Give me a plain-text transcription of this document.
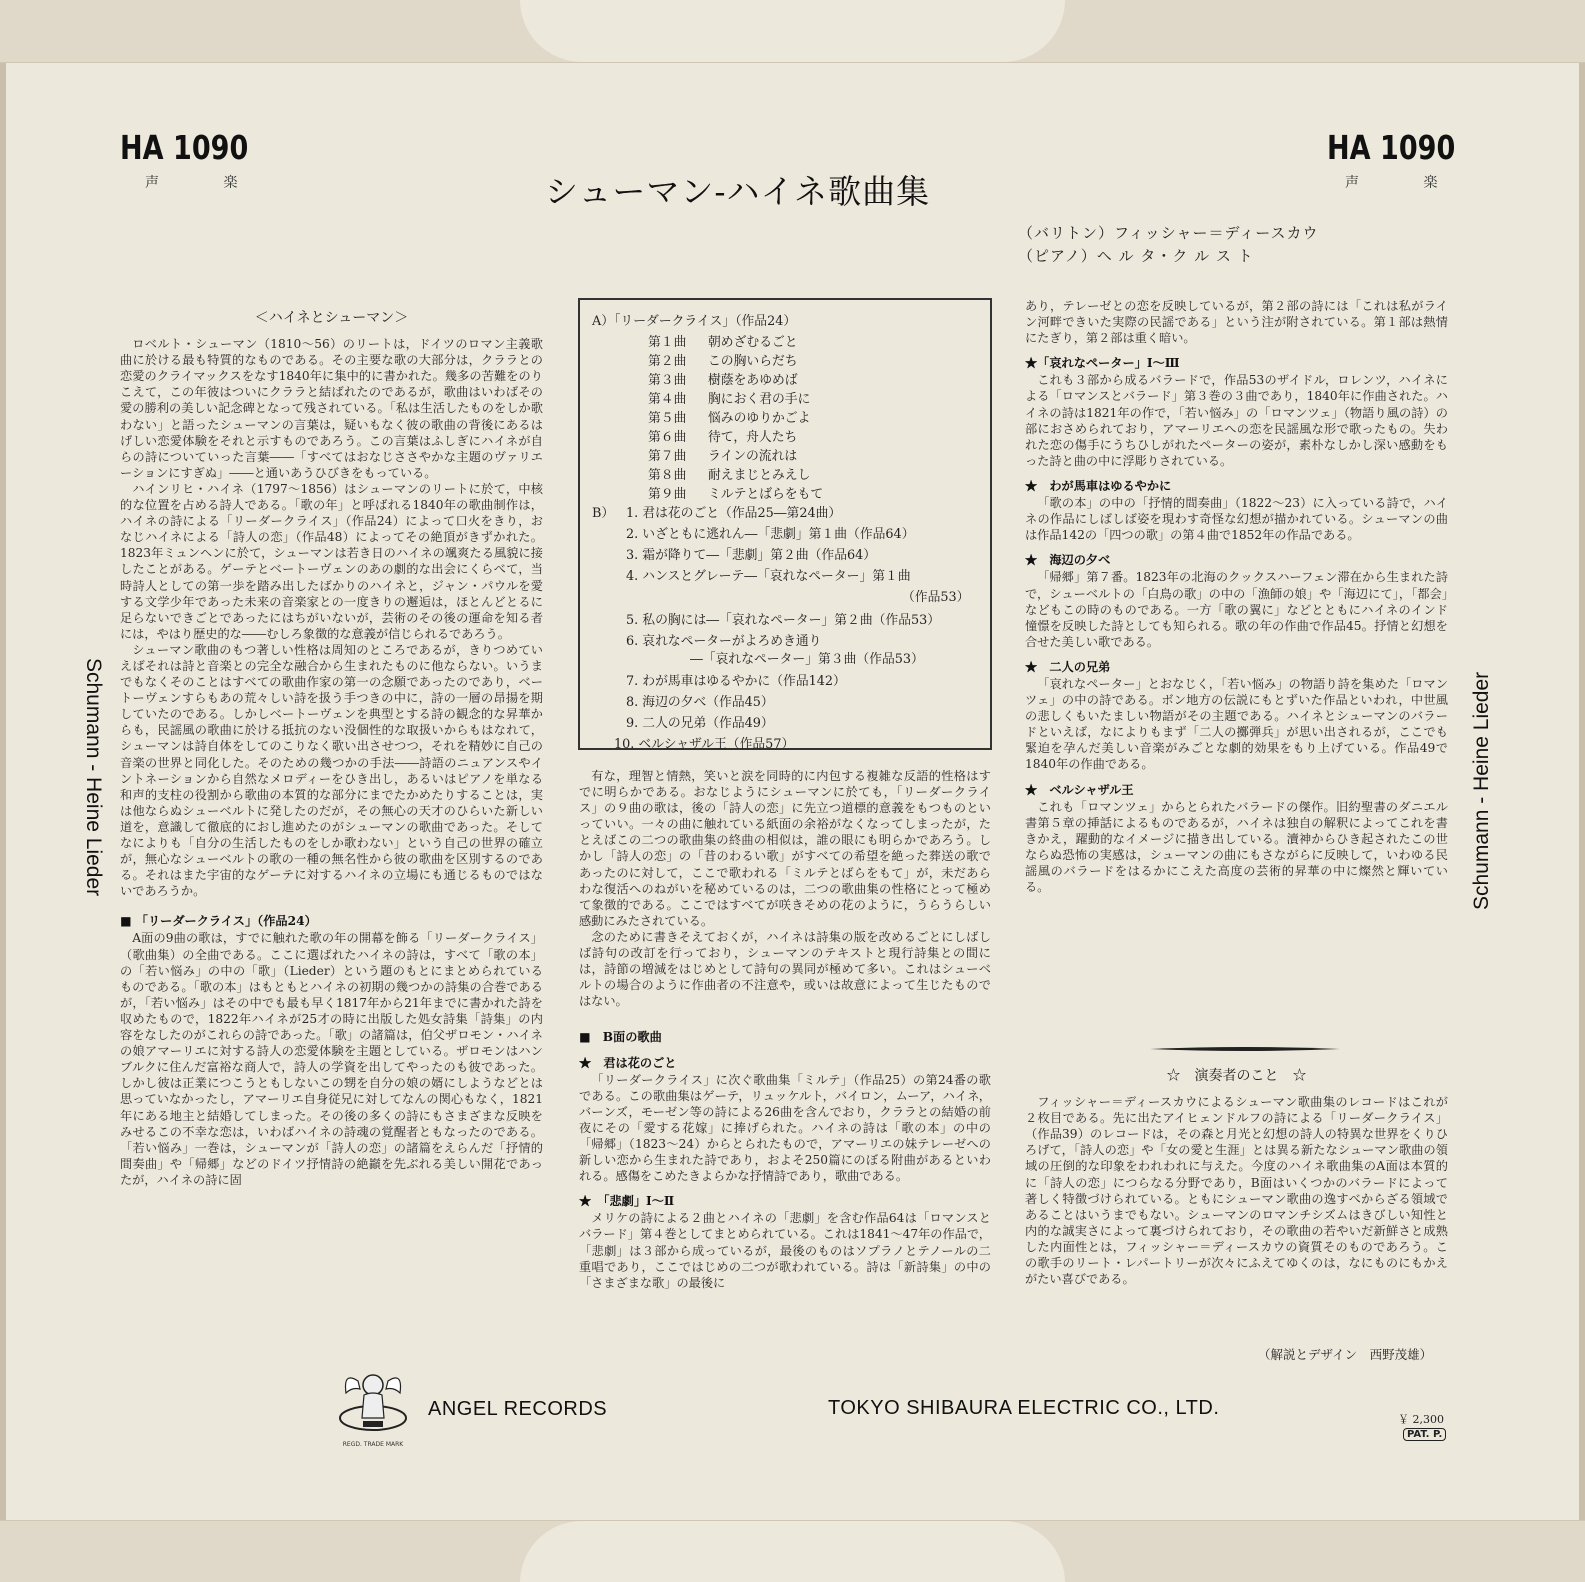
HA 1090
声 楽
HA 1090
声 楽
シューマン-ハイネ歌曲集
（バリトン）フィッシャー＝ディースカウ
（ピアノ）ヘ ル タ・ク ル ス ト
Schumann - Heine Lieder	Schumann - Heine Lieder
＜ハイネとシューマン＞

ロベルト・シューマン（1810〜56）のリートは，ドイツのロマン主義歌曲に於ける最も特質的なものである。その主要な歌の大部分は，クララとの恋愛のクライマックスをなす1840年に集中的に書かれた。幾多の苦難をのりこえて，この年彼はついにクララと結ばれたのであるが，歌曲はいわばその愛の勝利の美しい記念碑となって残されている。「私は生活したものをしか歌わない」と語ったシューマンの言葉は，疑いもなく彼の歌曲の背後にあるはげしい恋愛体験をそれと示すものであろう。この言葉はふしぎにハイネが自らの詩についていった言葉――「すべてはおなじささやかな主題のヴァリエーションにすぎぬ」――と通いあうひびきをもっている。

ハインリヒ・ハイネ（1797〜1856）はシューマンのリートに於て，中核的な位置を占める詩人である。「歌の年」と呼ばれる1840年の歌曲制作は，ハイネの詩による「リーダークライス」（作品24）によって口火をきり，おなじハイネによる「詩人の恋」（作品48）によってその絶頂がきずかれた。1823年ミュンヘンに於て，シューマンは若き日のハイネの颯爽たる風貌に接したことがある。ゲーテとベートーヴェンのあの劇的な出会にくらべて，当時詩人としての第一歩を踏み出したばかりのハイネと，ジャン・パウルを愛する文学少年であった未来の音楽家との一度きりの邂逅は，ほとんどとるに足らないできごとであったにはちがいないが，芸術のその後の運命を知る者には，やはり歴史的な――むしろ象徴的な意義が信じられるであろう。

シューマン歌曲のもつ著しい性格は周知のところであるが，きりつめていえばそれは詩と音楽との完全な融合から生まれたものに他ならない。いうまでもなくそのことはすべての歌曲作家の第一の念願であったのであり，ベートーヴェンすらもあの荒々しい詩を扱う手つきの中に，詩の一層の昂揚を期していたのである。しかしベートーヴェンを典型とする詩の観念的な昇華からも，民謡風の歌曲に於ける抵抗のない没個性的な取扱いからもはなれて，シューマンは詩自体をしてのこりなく歌い出させつつ，それを精妙に自己の音楽の世界と同化した。そのための幾つかの手法――詩語のニュアンスやイントネーションから自然なメロディーをひき出し，あるいはピアノを単なる和声的支柱の役割から歌曲の本質的な部分にまでたかめたりすることは，実は他ならぬシューベルトに発したのだが，その無心の天才のひらいた新しい道を，意識して徹底的におし進めたのがシューマンの歌曲であった。そしてなによりも「自分の生活したものをしか歌わない」という自己の世界の確立が，無心なシューベルトの歌の一種の無名性から彼の歌曲を区別するのである。それはまた宇宙的なゲーテに対するハイネの立場にも通じるものではないであろうか。

■ 「リーダークライス」（作品24）

A面の9曲の歌は，すでに触れた歌の年の開幕を飾る「リーダークライス」（歌曲集）の全曲である。ここに選ばれたハイネの詩は，すべて「歌の本」の「若い悩み」の中の「歌」（Lieder）という題のもとにまとめられているものである。「歌の本」はもともとハイネの初期の幾つかの詩集の合巻であるが，「若い悩み」はその中でも最も早く1817年から21年までに書かれた詩を収めたもので，1822年ハイネが25才の時に出版した処女詩集「詩集」の内容をなしたのがこれらの詩であった。「歌」の諸篇は，伯父ザロモン・ハイネの娘アマーリエに対する詩人の恋愛体験を主題としている。ザロモンはハンブルクに住んだ富裕な商人で，詩人の学資を出してやったのも彼であった。しかし彼は正業につこうともしないこの甥を自分の娘の婿にしようなどとは思っていなかったし，アマーリエ自身従兄に対してなんの関心もなく，1821年にある地主と結婚してしまった。その後の多くの詩にもさまざまな反映をみせるこの不幸な恋は，いわばハイネの詩魂の覚醒者ともなったのである。「若い悩み」一巻は，シューマンが「詩人の恋」の諸篇をえらんだ「抒情的間奏曲」や「帰郷」などのドイツ抒情詩の絶巓を先ぶれる美しい開花であったが，ハイネの詩に固

A）「リーダークライス」（作品24）
第１曲 朝めざむるごと
第２曲 この胸いらだち
第３曲 樹蔭をあゆめば
第４曲 胸におく君の手に
第５曲 悩みのゆりかごよ
第６曲 待て，舟人たち
第７曲 ラインの流れは
第８曲 耐えまじとみえし
第９曲 ミルテとばらをもて
B） 1. 君は花のごと（作品25―第24曲）
2. いざともに逃れん―「悲劇」第１曲（作品64）
3. 霜が降りて―「悲劇」第２曲（作品64）
4. ハンスとグレーテ―「哀れなペーター」第１曲
（作品53）
5. 私の胸には―「哀れなペーター」第２曲（作品53）
6. 哀れなペーターがよろめき通り
―「哀れなペーター」第３曲（作品53）
7. わが馬車はゆるやかに（作品142）
8. 海辺の夕べ（作品45）
9. 二人の兄弟（作品49）
10. ベルシャザル王（作品57）

有な，理智と情熱，笑いと涙を同時的に内包する複雑な反語的性格はすでに明らかである。おなじようにシューマンに於ても，「リーダークライス」の９曲の歌は，後の「詩人の恋」に先立つ道標的意義をもつものといっていい。一々の曲に触れている紙面の余裕がなくなってしまったが，たとえばこの二つの歌曲集の終曲の相似は，誰の眼にも明らかであろう。しかし「詩人の恋」の「昔のわるい歌」がすべての希望を絶った葬送の歌であったのに対して，ここで歌われる「ミルテとばらをもて」が，未だあらわな復活へのねがいを秘めているのは，二つの歌曲集の性格にとって極めて象徴的である。ここではすべてが咲きそめの花のように，うらうらしい感動にみたされている。

念のために書きそえておくが，ハイネは詩集の版を改めるごとにしばしば詩句の改訂を行っており，シューマンのテキストと現行詩集との間には，詩節の増減をはじめとして詩句の異同が極めて多い。これはシューベルトの場合のように作曲者の不注意や，或いは故意によって生じたものではない。

■　B面の歌曲
★　君は花のごと

「リーダークライス」に次ぐ歌曲集「ミルテ」（作品25）の第24番の歌である。この歌曲集はゲーテ，リュッケルト，バイロン，ムーア，ハイネ，バーンズ，モーゼン等の詩による26曲を含んでおり，クララとの結婚の前夜にその「愛する花嫁」に捧げられた。ハイネの詩は「歌の本」の中の「帰郷」（1823〜24）からとられたもので，アマーリエの妹テレーゼへの新しい恋から生まれた詩であり，およそ250篇にのぼる附曲があるといわれる。感傷をこめたきよらかな抒情詩であり，歌曲である。

★　「悲劇」Ⅰ〜Ⅱ

メリケの詩による２曲とハイネの「悲劇」を含む作品64は「ロマンスとバラード」第４巻としてまとめられている。これは1841〜47年の作品で，「悲劇」は３部から成っているが，最後のものはソプラノとテノールの二重唱であり，ここではじめの二つが歌われている。詩は「新詩集」の中の「さまざまな歌」の最後に

あり，テレーゼとの恋を反映しているが，第２部の詩には「これは私がライン河畔できいた実際の民謡である」という注が附されている。第１部は熱情にたぎり，第２部は重く暗い。

★「哀れなペーター」Ⅰ〜Ⅲ

これも３部から成るバラードで，作品53のザイドル，ロレンツ，ハイネによる「ロマンスとバラード」第３巻の３曲であり，1840年に作曲された。ハイネの詩は1821年の作で，「若い悩み」の「ロマンツェ」（物語り風の詩）の部におさめられており，アマーリエへの恋を民謡風な形で歌ったもの。失われた恋の傷手にうちひしがれたペーターの姿が，素朴なしかし深い感動をもった詩と曲の中に浮彫りされている。

★　わが馬車はゆるやかに

「歌の本」の中の「抒情的間奏曲」（1822〜23）に入っている詩で，ハイネの作品にしばしば姿を現わす奇怪な幻想が描かれている。シューマンの曲は作品142の「四つの歌」の第４曲で1852年の作品である。

★　海辺の夕べ

「帰郷」第７番。1823年の北海のクックスハーフェン滞在から生まれた詩で，シューベルトの「白鳥の歌」の中の「漁師の娘」や「海辺にて」，「都会」などもこの時のものである。一方「歌の翼に」などとともにハイネのインド憧憬を反映した詩としても知られる。歌の年の作曲で作品45。抒情と幻想を合せた美しい歌である。

★　二人の兄弟

「哀れなペーター」とおなじく，「若い悩み」の物語り詩を集めた「ロマンツェ」の中の詩である。ボン地方の伝説にもとずいた作品といわれ，中世風の悲しくもいたましい物語がその主題である。ハイネとシューマンのバラードといえば，なによりもまず「二人の擲弾兵」が思い出されるが，ここでも緊迫を孕んだ美しい音楽がみごとな劇的効果をもり上げている。作品49で1840年の作曲である。

★　ベルシャザル王

これも「ロマンツェ」からとられたバラードの傑作。旧約聖書のダニエル書第５章の挿話によるものであるが，ハイネは独自の解釈によってこれを書きかえ，躍動的なイメージに描き出している。瀆神からひき起されたこの世ならぬ恐怖の実感は，シューマンの曲にもさながらに反映して，いわゆる民謡風のバラードをはるかにこえた高度の芸術的昇華の中に燦然と輝いている。

☆　演奏者のこと　☆

フィッシャー＝ディースカウによるシューマン歌曲集のレコードはこれが２枚目である。先に出たアイヒェンドルフの詩による「リーダークライス」（作品39）のレコードは，その森と月光と幻想の詩人の特異な世界をくりひろげて，「詩人の恋」や「女の愛と生涯」とは異る新たなシューマン歌曲の領域の圧倒的な印象をわれわれに与えた。今度のハイネ歌曲集のA面は本質的に「詩人の恋」につらなる分野であり，B面はいくつかのバラードによって著しく特徴づけられている。ともにシューマン歌曲の逸すべからざる領域であることはいうまでもない。シューマンのロマンチシズムはきびしい知性と内的な誠実さによって裏づけられており，その歌曲の若やいだ新鮮さと成熟した内面性とは，フィッシャー＝ディースカウの資質そのものであろう。この歌手のリート・レパートリーが次々にふえてゆくのは，なにものにもかえがたい喜びである。

（解説とデザイン　西野茂雄）
REGD. TRADE MARK
ANGEL RECORDS	TOKYO SHIBAURA ELECTRIC CO., LTD.
￥ 2,300
PAT. P.
